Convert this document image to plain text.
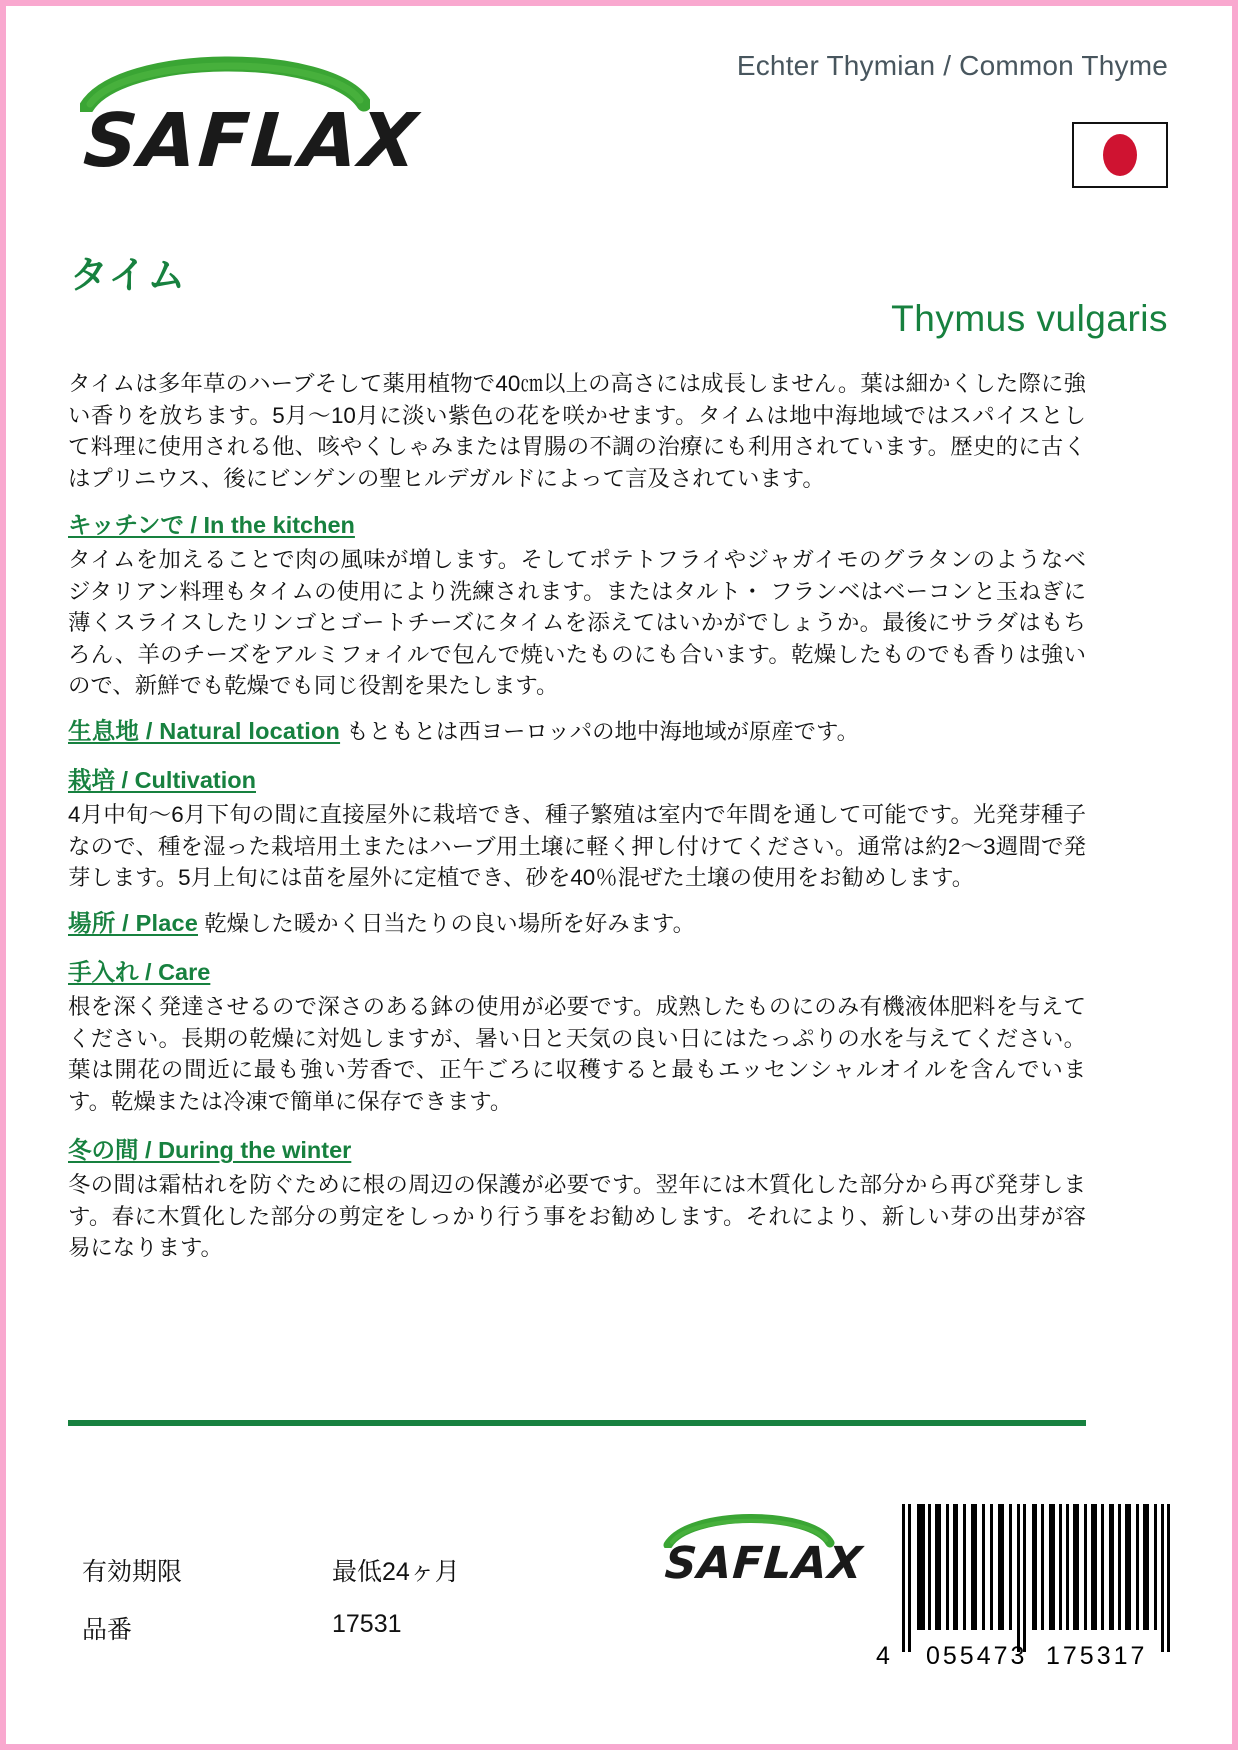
SAFLAX
Echter Thymian / Common Thyme
タイム
Thymus vulgaris

タイムは多年草のハーブそして薬用植物で40㎝以上の高さには成長しません。葉は細かくした際に強い香りを放ちます。5月～10月に淡い紫色の花を咲かせます。タイムは地中海地域ではスパイスとして料理に使用される他、咳やくしゃみまたは胃腸の不調の治療にも利用されています。歴史的に古くはプリニウス、後にビンゲンの聖ヒルデガルドによって言及されています。

キッチンで / In the kitchen

タイムを加えることで肉の風味が増します。そしてポテトフライやジャガイモのグラタンのようなベジタリアン料理もタイムの使用により洗練されます。またはタルト・ フランベはベーコンと玉ねぎに薄くスライスしたリンゴとゴートチーズにタイムを添えてはいかがでしょうか。最後にサラダはもちろん、羊のチーズをアルミフォイルで包んで焼いたものにも合います。乾燥したものでも香りは強いので、新鮮でも乾燥でも同じ役割を果たします。

生息地 / Natural location もともとは西ヨーロッパの地中海地域が原産です。

栽培 / Cultivation

4月中旬～6月下旬の間に直接屋外に栽培でき、種子繁殖は室内で年間を通して可能です。光発芽種子なので、種を湿った栽培用土またはハーブ用土壌に軽く押し付けてください。通常は約2～3週間で発芽します。5月上旬には苗を屋外に定植でき、砂を40％混ぜた土壌の使用をお勧めします。

場所 / Place 乾燥した暖かく日当たりの良い場所を好みます。

手入れ / Care

根を深く発達させるので深さのある鉢の使用が必要です。成熟したものにのみ有機液体肥料を与えてください。長期の乾燥に対処しますが、暑い日と天気の良い日にはたっぷりの水を与えてください。葉は開花の間近に最も強い芳香で、正午ごろに収穫すると最もエッセンシャルオイルを含んでいます。乾燥または冷凍で簡単に保存できます。

冬の間 / During the winter

冬の間は霜枯れを防ぐために根の周辺の保護が必要です。翌年には木質化した部分から再び発芽します。春に木質化した部分の剪定をしっかり行う事をお勧めします。それにより、新しい芽の出芽が容易になります。

有効期限	最低24ヶ月
品番	17531
SAFLAX
4 055473 175317
